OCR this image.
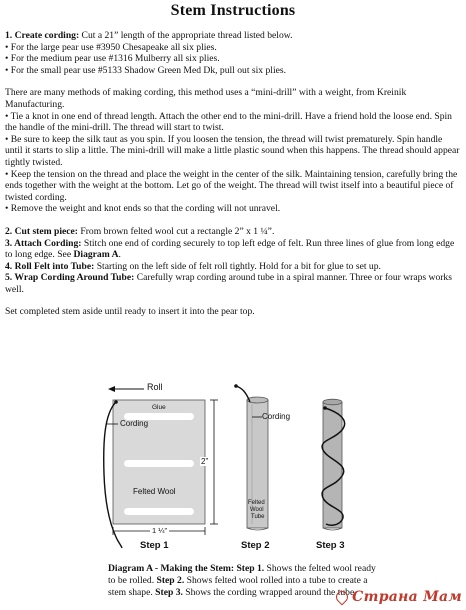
Stem Instructions

1. Create cording: Cut a 21” length of the appropriate thread listed below.

• For the large pear use #3950 Chesapeake all six plies.

• For the medium pear use #1316 Mulberry all six plies.

• For the small pear use #5133 Shadow Green Med Dk, pull out six plies.

There are many methods of making cording, this method uses a “mini-drill” with a weight, from Kreinik Manufacturing.

• Tie a knot in one end of thread length. Attach the other end to the mini-drill. Have a friend hold the loose end. Spin the handle of the mini-drill. The thread will start to twist.

• Be sure to keep the silk taut as you spin. If you loosen the tension, the thread will twist prematurely. Spin handle until it starts to slip a little. The mini-drill will make a little plastic sound when this happens. The thread should appear tightly twisted.

• Keep the tension on the thread and place the weight in the center of the silk. Maintaining tension, carefully bring the ends together with the weight at the bottom. Let go of the weight. The thread will twist itself into a beautiful piece of twisted cording.

• Remove the weight and knot ends so that the cording will not unravel.

2. Cut stem piece: From brown felted wool cut a rectangle 2” x 1 ¼”.

3. Attach Cording: Stitch one end of cording securely to top left edge of felt. Run three lines of glue from long edge to long edge. See Diagram A.

4. Roll Felt into Tube: Starting on the left side of felt roll tightly. Hold for a bit for glue to set up.

5. Wrap Cording Around Tube: Carefully wrap cording around tube in a spiral manner. Three or four wraps works well.

Set completed stem aside until ready to insert it into the pear top.

Roll
Glue
Cording
Felted Wool
2”
1 ¼”
Cording
Felted
Wool
Tube
Step 1	Step 2	Step 3
Diagram A - Making the Stem: Step 1. Shows the felted wool ready to be rolled. Step 2. Shows felted wool rolled into a tube to create a stem shape. Step 3. Shows the cording wrapped around the tube.
Страна Мам
